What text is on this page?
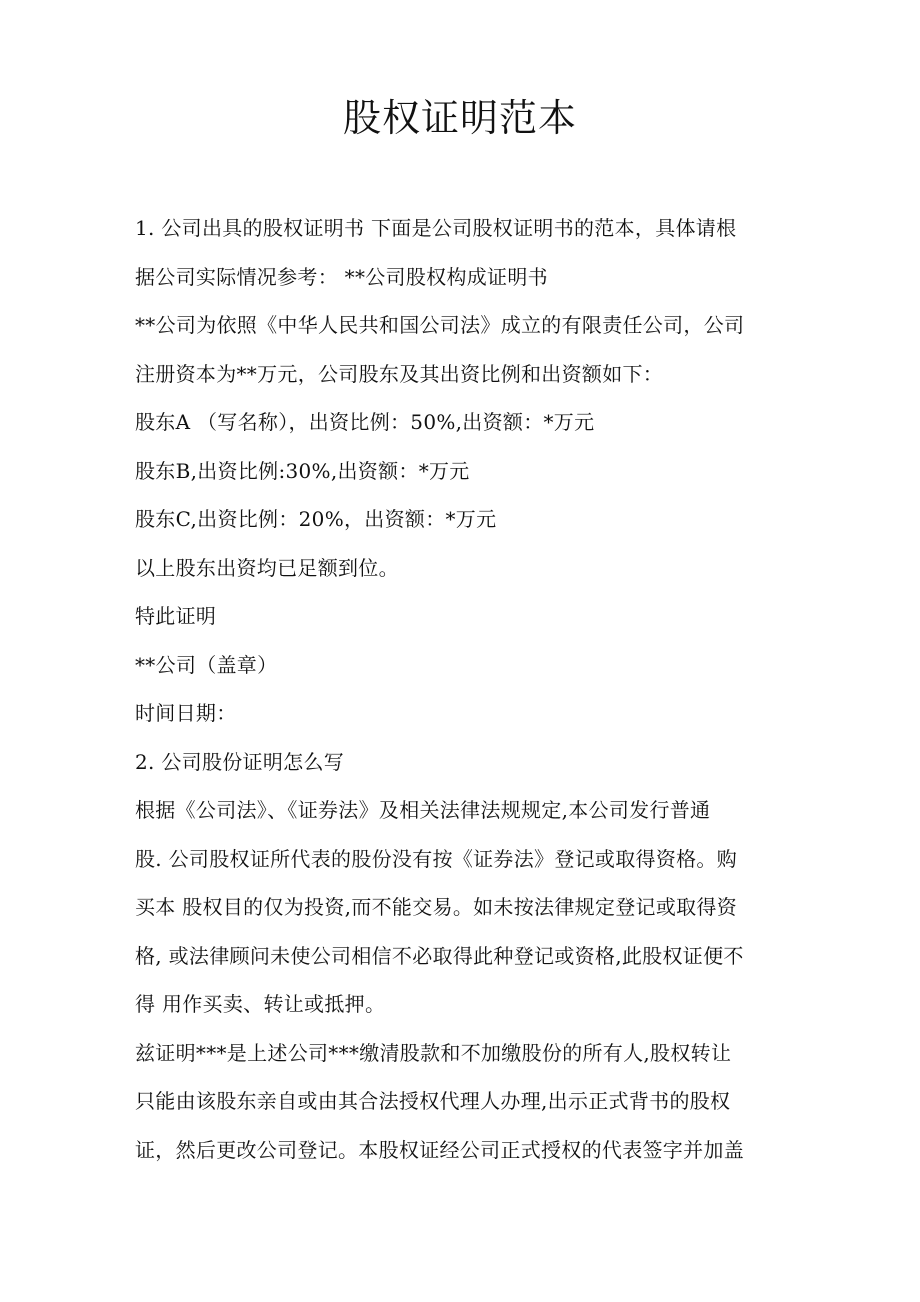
股权证明范本
1. 公司出具的股权证明书 下面是公司股权证明书的范本，具体请根
据公司实际情况参考： **公司股权构成证明书
**公司为依照《中华人民共和国公司法》成立的有限责任公司，公司
注册资本为**万元，公司股东及其出资比例和出资额如下：
股东A （写名称），出资比例：50%,出资额：*万元
股东B,出资比例:30%,出资额：*万元
股东C,出资比例：20%，出资额：*万元
以上股东出资均已足额到位。
特此证明
**公司（盖章）
时间日期：
2. 公司股份证明怎么写
根据《公司法》、《证券法》及相关法律法规规定,本公司发行普通
股. 公司股权证所代表的股份没有按《证券法》登记或取得资格。购
买本 股权目的仅为投资,而不能交易。如未按法律规定登记或取得资
格, 或法律顾问未使公司相信不必取得此种登记或资格,此股权证便不
得 用作买卖、转让或抵押。
兹证明***是上述公司***缴清股款和不加缴股份的所有人,股权转让
只能由该股东亲自或由其合法授权代理人办理,出示正式背书的股权
证，然后更改公司登记。本股权证经公司正式授权的代表签字并加盖
